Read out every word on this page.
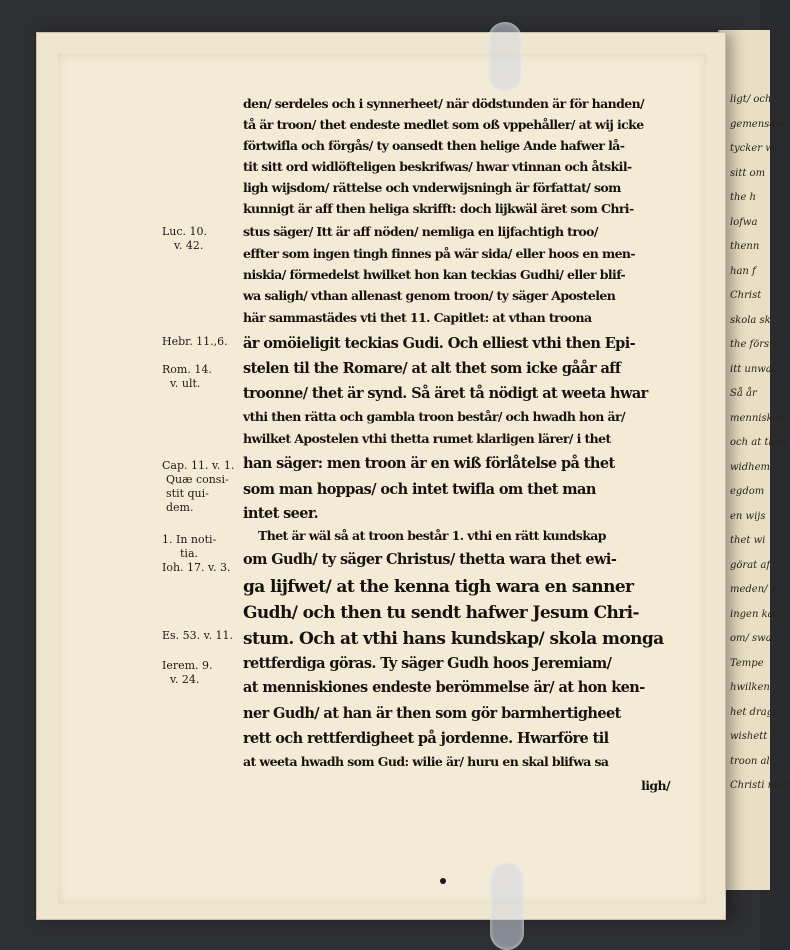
ligt/ och
gemensam
tycker w
sitt om
the h
lofwa
thenn
han f
Christ
skola sk
the förste
itt unwal
Så år
menniskior
och at then
widhem
egdom
en wijs
thet wi
görat af
meden/ e
ingen kan
om/ swa
Tempe
hwilken
het draga
wishett fö
troon all
Christi mod
Luc. 10.
v. 42.
Hebr. 11.,6.
Rom. 14.
v. ult.
Cap. 11. v. 1.
Quæ consi-
stit qui-
dem.
1. In noti-
tia.
Ioh. 17. v. 3.
Es. 53. v. 11.
Ierem. 9.
v. 24.
den/ serdeles och i synnerheet/ när dödstunden är för handen/
tå är troon/ thet endeste medlet som oß vppehåller/ at wij icke
förtwifla och förgås/ ty oansedt then helige Ande hafwer lå-
tit sitt ord widlöfteligen beskrifwas/ hwar vtinnan och åtskil-
ligh wijsdom/ rättelse och vnderwijsningh är författat/ som
kunnigt är aff then heliga skrifft: doch lijkwäl äret som Chri-
stus säger/ Itt är aff nöden/ nemliga en lijfachtigh troo/
effter som ingen tingh finnes på wär sida/ eller hoos en men-
niskia/ förmedelst hwilket hon kan teckias Gudhi/ eller blif-
wa saligh/ vthan allenast genom troon/ ty säger Apostelen
här sammastädes vti thet 11. Capitlet: at vthan troona
är omöieligit teckias Gudi. Och elliest vthi then Epi-
stelen til the Romare/ at alt thet som icke gåår aff
troonne/ thet är synd. Så äret tå nödigt at weeta hwar
vthi then rätta och gambla troon består/ och hwadh hon är/
hwilket Apostelen vthi thetta rumet klarligen lärer/ i thet
han säger: men troon är en wiß förlåtelse på thet
som man hoppas/ och intet twifla om thet man
intet seer.
Thet är wäl så at troon består 1. vthi en rätt kundskap
om Gudh/ ty säger Christus/ thetta wara thet ewi-
ga lijfwet/ at the kenna tigh wara en sanner
Gudh/ och then tu sendt hafwer Jesum Chri-
stum. Och at vthi hans kundskap/ skola monga
rettferdiga göras. Ty säger Gudh hoos Jeremiam/
at menniskiones endeste berömmelse är/ at hon ken-
ner Gudh/ at han är then som gör barmhertigheet
rett och rettferdigheet på jordenne. Hwarföre til
at weeta hwadh som Gud: wilie är/ huru en skal blifwa sa
ligh/
